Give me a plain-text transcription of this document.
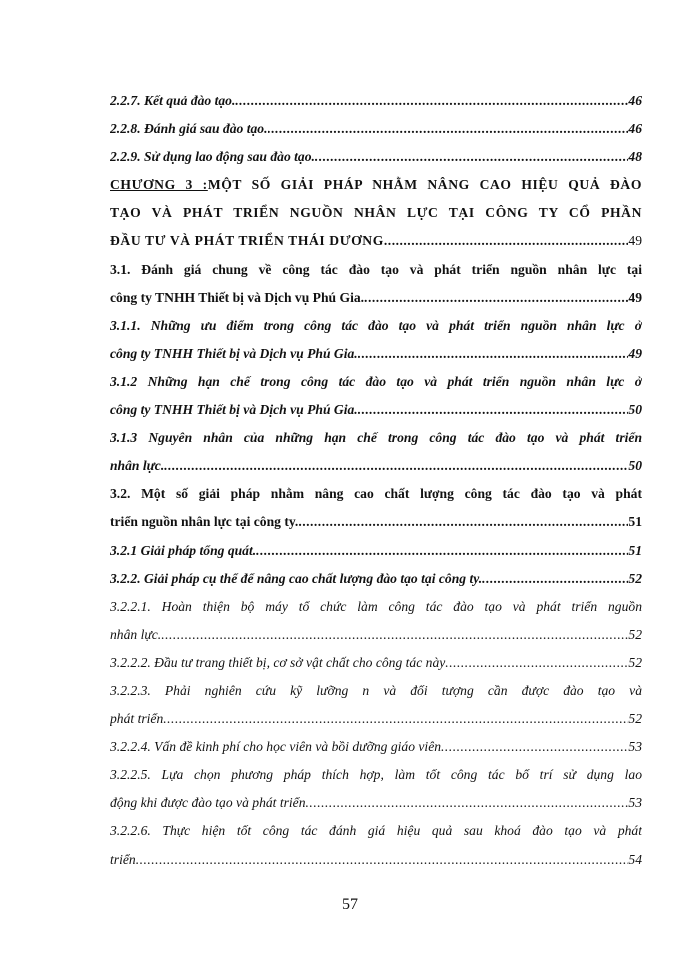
2.2.7. Kết quả đào tạo. .....	46
2.2.8. Đánh giá sau đào tạo. .....	46
2.2.9. Sử dụng lao động sau đào tạo. .....	48
CHƯƠNG 3 :MỘT SỐ GIẢI PHÁP NHẰM NÂNG CAO HIỆU QUẢ ĐÀO
TẠO VÀ PHÁT TRIỂN NGUỒN NHÂN LỰC TẠI CÔNG TY CỔ PHẦN
ĐẦU TƯ VÀ PHÁT TRIỂN THÁI DƯƠNG .....	49
3.1. Đánh giá chung về công tác đào tạo và phát triển nguồn nhân lực tại
công ty TNHH Thiết bị và Dịch vụ Phú Gia. .....	49
3.1.1. Những ưu điểm trong công tác đào tạo và phát triển nguồn nhân lực ở
công ty TNHH Thiết bị và Dịch vụ Phú Gia. .....	49
3.1.2 Những hạn chế trong công tác đào tạo và phát triển nguồn nhân lực ở
công ty TNHH Thiết bị và Dịch vụ Phú Gia. .....	50
3.1.3 Nguyên nhân của những hạn chế trong công tác đào tạo và phát triển
nhân lực. .....	50
3.2. Một số giải pháp nhằm nâng cao chất lượng công tác đào tạo và phát
triển nguồn nhân lực tại công ty. .....	51
3.2.1 Giải pháp tổng quát. .....	51
3.2.2. Giải pháp cụ thể để nâng cao chất lượng đào tạo tại công ty. .....	52
3.2.2.1. Hoàn thiện bộ máy tổ chức làm công tác đào tạo và phát triển nguồn
nhân lực. .....	52
3.2.2.2. Đầu tư trang thiết bị, cơ sở vật chất cho công tác này .....	52
3.2.2.3. Phải nghiên cứu kỹ lưỡng n và đối tượng cần được đào tạo và
phát triển .....	52
3.2.2.4. Vấn đề kinh phí cho học viên và bồi dưỡng giáo viên .....	53
3.2.2.5. Lựa chọn phương pháp thích hợp, làm tốt công tác bố trí sử dụng lao
động khi được đào tạo và phát triển .....	53
3.2.2.6. Thực hiện tốt công tác đánh giá hiệu quả sau khoá đào tạo và phát
triển .....	54
57
